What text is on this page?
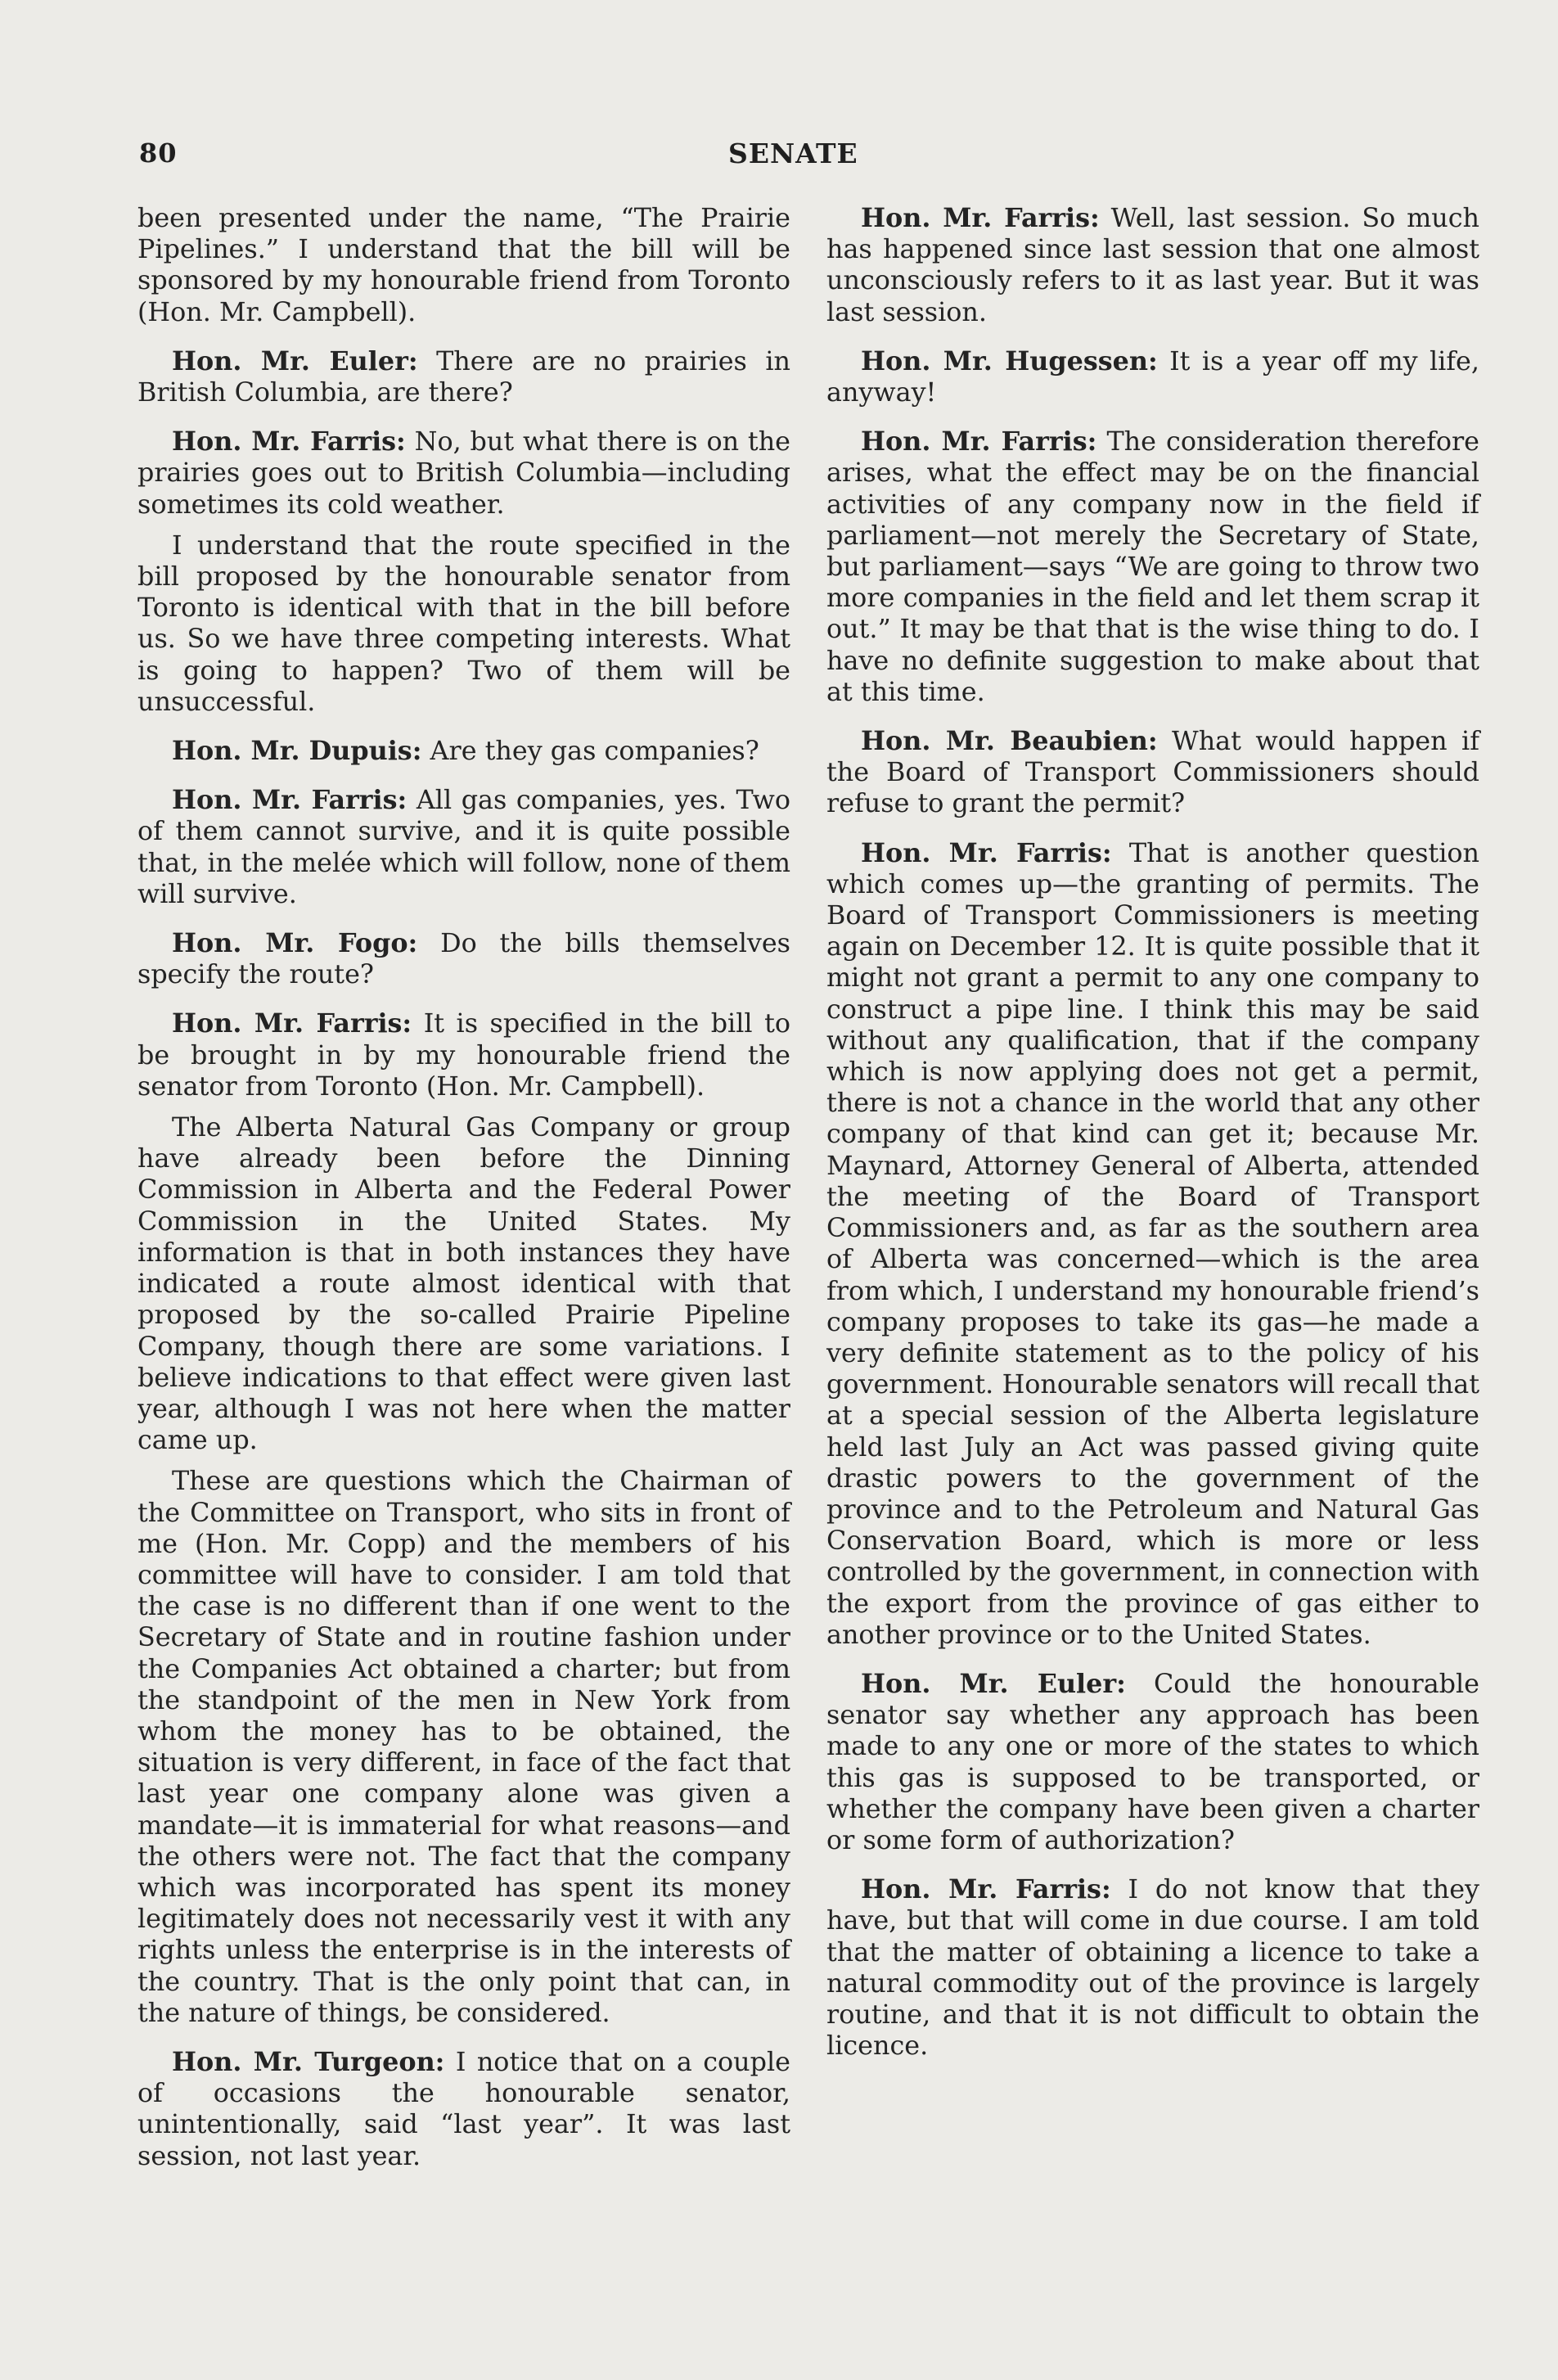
80	SENATE

been presented under the name, “The Prairie Pipelines.” I understand that the bill will be sponsored by my honourable friend from Toronto (Hon. Mr. Campbell).

Hon. Mr. Euler: There are no prairies in British Columbia, are there?

Hon. Mr. Farris: No, but what there is on the prairies goes out to British Columbia—including sometimes its cold weather.

I understand that the route specified in the bill proposed by the honourable senator from Toronto is identical with that in the bill before us. So we have three competing interests. What is going to happen? Two of them will be unsuccessful.

Hon. Mr. Dupuis: Are they gas companies?

Hon. Mr. Farris: All gas companies, yes. Two of them cannot survive, and it is quite possible that, in the melée which will follow, none of them will survive.

Hon. Mr. Fogo: Do the bills themselves specify the route?

Hon. Mr. Farris: It is specified in the bill to be brought in by my honourable friend the senator from Toronto (Hon. Mr. Campbell).

The Alberta Natural Gas Company or group have already been before the Dinning Commission in Alberta and the Federal Power Commission in the United States. My information is that in both instances they have indicated a route almost identical with that proposed by the so-called Prairie Pipeline Company, though there are some variations. I believe indications to that effect were given last year, although I was not here when the matter came up.

These are questions which the Chairman of the Committee on Transport, who sits in front of me (Hon. Mr. Copp) and the members of his committee will have to consider. I am told that the case is no different than if one went to the Secretary of State and in routine fashion under the Companies Act obtained a charter; but from the standpoint of the men in New York from whom the money has to be obtained, the situation is very different, in face of the fact that last year one company alone was given a mandate—it is immaterial for what reasons—and the others were not. The fact that the company which was incorporated has spent its money legitimately does not necessarily vest it with any rights unless the enterprise is in the interests of the country. That is the only point that can, in the nature of things, be considered.

Hon. Mr. Turgeon: I notice that on a couple of occasions the honourable senator, unintentionally, said “last year”. It was last session, not last year.

Hon. Mr. Farris: Well, last session. So much has happened since last session that one almost unconsciously refers to it as last year. But it was last session.

Hon. Mr. Hugessen: It is a year off my life, anyway!

Hon. Mr. Farris: The consideration therefore arises, what the effect may be on the financial activities of any company now in the field if parliament—not merely the Secretary of State, but parliament—says “We are going to throw two more companies in the field and let them scrap it out.” It may be that that is the wise thing to do. I have no definite suggestion to make about that at this time.

Hon. Mr. Beaubien: What would happen if the Board of Transport Commissioners should refuse to grant the permit?

Hon. Mr. Farris: That is another question which comes up—the granting of permits. The Board of Transport Commissioners is meeting again on December 12. It is quite possible that it might not grant a permit to any one company to construct a pipe line. I think this may be said without any qualification, that if the company which is now applying does not get a permit, there is not a chance in the world that any other company of that kind can get it; because Mr. Maynard, Attorney General of Alberta, attended the meeting of the Board of Transport Commissioners and, as far as the southern area of Alberta was concerned—which is the area from which, I understand my honourable friend’s company proposes to take its gas—he made a very definite statement as to the policy of his government. Honourable senators will recall that at a special session of the Alberta legislature held last July an Act was passed giving quite drastic powers to the government of the province and to the Petroleum and Natural Gas Conservation Board, which is more or less controlled by the government, in connection with the export from the province of gas either to another province or to the United States.

Hon. Mr. Euler: Could the honourable senator say whether any approach has been made to any one or more of the states to which this gas is supposed to be transported, or whether the company have been given a charter or some form of authorization?

Hon. Mr. Farris: I do not know that they have, but that will come in due course. I am told that the matter of obtaining a licence to take a natural commodity out of the province is largely routine, and that it is not difficult to obtain the licence.
